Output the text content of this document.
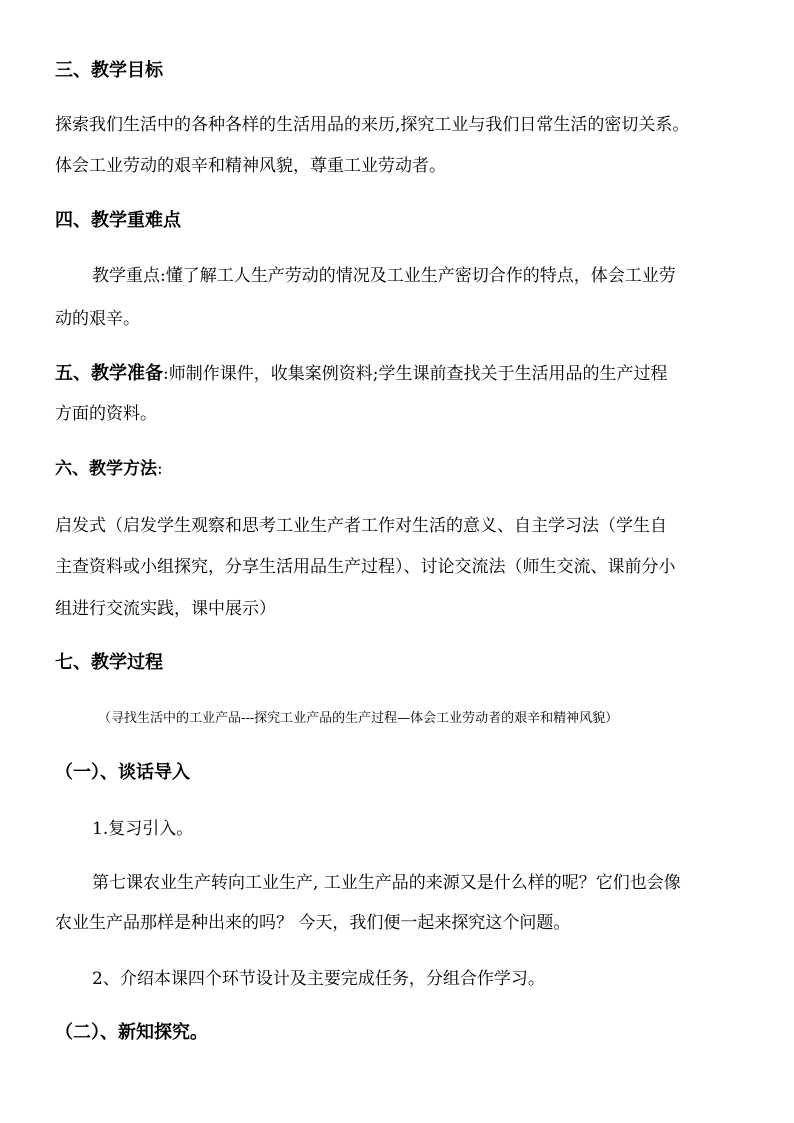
三、教学目标
探索我们生活中的各种各样的生活用品的来历,探究工业与我们日常生活的密切关系。
体会工业劳动的艰辛和精神风貌，尊重工业劳动者。
四、教学重难点
教学重点:懂了解工人生产劳动的情况及工业生产密切合作的特点，体会工业劳
动的艰辛。
五、教学准备:师制作课件，收集案例资料;学生课前查找关于生活用品的生产过程
方面的资料。
六、教学方法:
启发式（启发学生观察和思考工业生产者工作对生活的意义、自主学习法（学生自
主查资料或小组探究，分享生活用品生产过程）、讨论交流法（师生交流、课前分小
组进行交流实践，课中展示）
七、教学过程
（寻找生活中的工业产品---探究工业产品的生产过程—体会工业劳动者的艰辛和精神风貌）
（一）、谈话导入
1.复习引入。
第七课农业生产转向工业生产, 工业生产品的来源又是什么样的呢？它们也会像
农业生产品那样是种出来的吗？ 今天，我们便一起来探究这个问题。
2、介绍本课四个环节设计及主要完成任务，分组合作学习。
（二）、新知探究。
